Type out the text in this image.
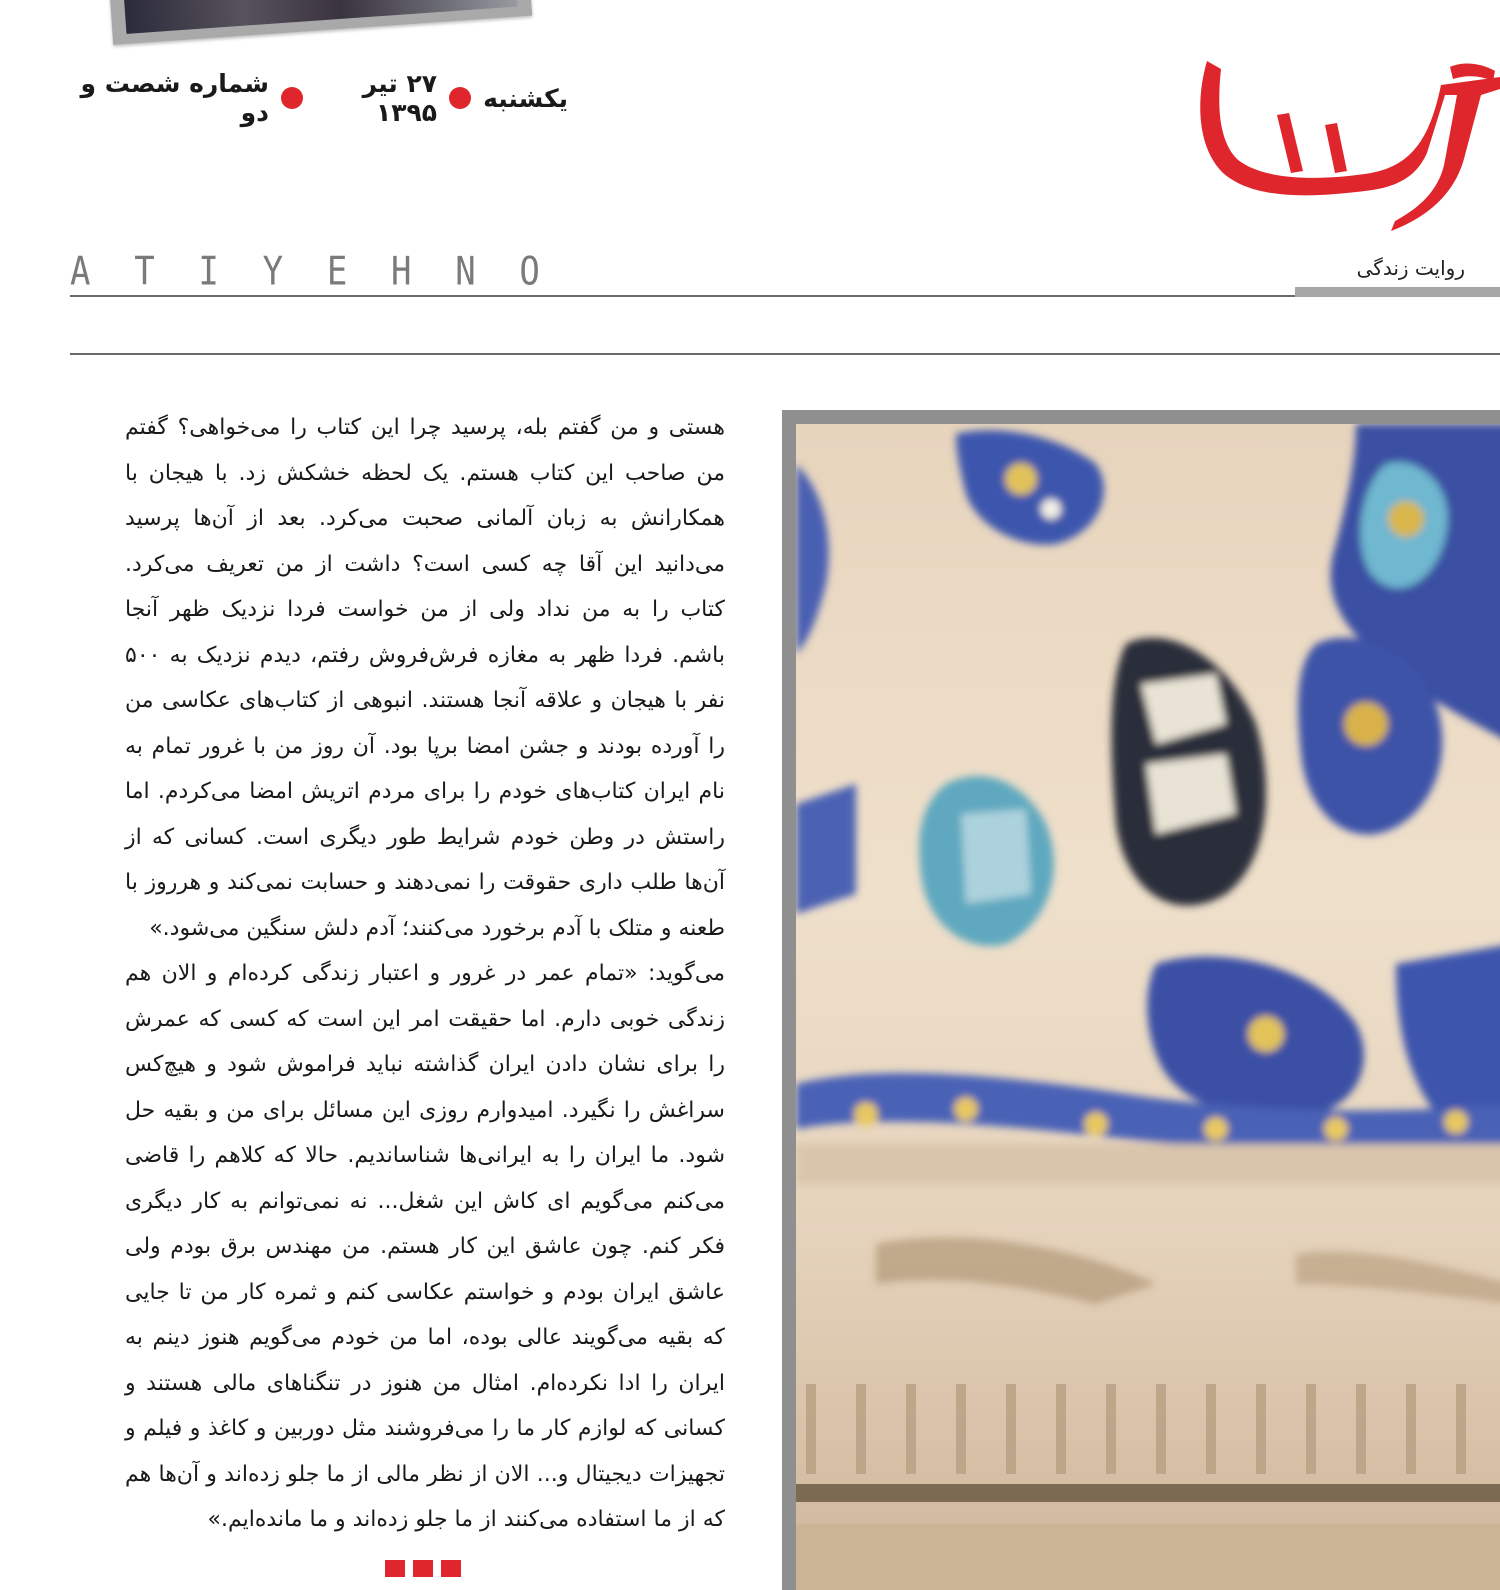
یکشنبه
۲۷ تیر ۱۳۹۵
شماره شصت و دو
روایت زندگی
A T I Y E H N O

هستی و من گفتم بله، پرسید چرا این کتاب را می‌خواهی؟ گفتم من صاحب این کتاب هستم. یک لحظه خشکش زد. با هیجان با همکارانش به زبان آلمانی صحبت می‌کرد. بعد از آن‌ها پرسید می‌دانید این آقا چه کسی است؟ داشت از من تعریف می‌کرد. کتاب را به من نداد ولی از من خواست فردا نزدیک ظهر آنجا باشم. فردا ظهر به مغازه فرش‌فروش رفتم، دیدم نزدیک به ۵۰۰ نفر با هیجان و علاقه آنجا هستند. انبوهی از کتاب‌های عکاسی من را آورده بودند و جشن امضا برپا بود. آن روز من با غرور تمام به نام ایران کتاب‌های خودم را برای مردم اتریش امضا می‌کردم. اما راستش در وطن خودم شرایط طور دیگری است. کسانی که از آن‌ها طلب داری حقوقت را نمی‌دهند و حسابت نمی‌کند و هرروز با طعنه و متلک با آدم برخورد می‌کنند؛ آدم دلش سنگین می‌شود.»

می‌گوید: «تمام عمر در غرور و اعتبار زندگی کرده‌ام و الان هم زندگی خوبی دارم. اما حقیقت امر این است که کسی که عمرش را برای نشان دادن ایران گذاشته نباید فراموش شود و هیچ‌کس سراغش را نگیرد. امیدوارم روزی این مسائل برای من و بقیه حل شود. ما ایران را به ایرانی‌ها شناساندیم. حالا که کلاهم را قاضی می‌کنم می‌گویم ای کاش این شغل... نه نمی‌توانم به کار دیگری فکر کنم. چون عاشق این کار هستم. من مهندس برق بودم ولی عاشق ایران بودم و خواستم عکاسی کنم و ثمره کار من تا جایی که بقیه می‌گویند عالی بوده، اما من خودم می‌گویم هنوز دینم به ایران را ادا نکرده‌ام. امثال من هنوز در تنگناهای مالی هستند و کسانی که لوازم کار ما را می‌فروشند مثل دوربین و کاغذ و فیلم و تجهیزات دیجیتال و... الان از نظر مالی از ما جلو زده‌اند و آن‌ها هم که از ما استفاده می‌کنند از ما جلو زده‌اند و ما مانده‌ایم.»
